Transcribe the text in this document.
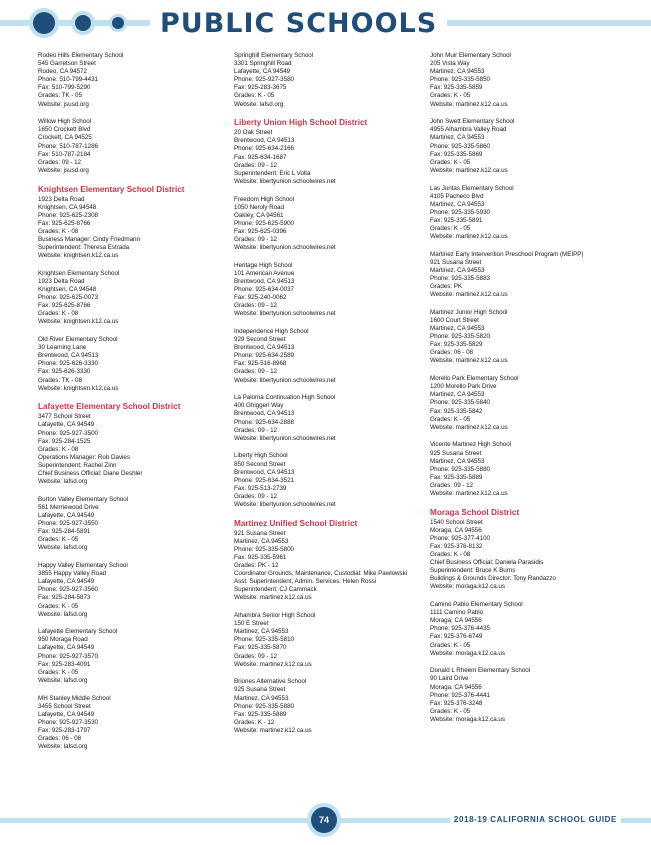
PUBLIC SCHOOLS
Rodeo Hills Elementary School
545 Garretson Street
Rodeo, CA 94572
Phone: 510-799-4431
Fax: 510-799-5290
Grades: TK - 05
Website: jsusd.org
Willow High School
1650 Crockett Blvd
Crockett, CA 94525
Phone: 510-787-1286
Fax: 510-787-2184
Grades: 09 - 12
Website: jsusd.org
Knightsen Elementary School District
1923 Delta Road
Knightsen, CA 94548
Phone: 925-625-2308
Fax: 925-625-8766
Grades: K - 08
Business Manager: Cindy Friedmann
Superintendent: Theresa Estrada
Website: knightsen.k12.ca.us
Knightsen Elementary School
1923 Delta Road
Knightsen, CA 94548
Phone: 925-625-0073
Fax: 925-625-8766
Grades: K - 08
Website: knightsen.k12.ca.us
Old River Elementary School
30 Learning Lane
Brentwood, CA 94513
Phone: 925-626-3330
Fax: 925-626-3330
Grades: TK - 08
Website: knightsen.k12.ca.us
Lafayette Elementary School District
3477 School Street
Lafayette, CA 94549
Phone: 925-927-3500
Fax: 925-284-1525
Grades: K - 08
Operations Manager: Rob Davies
Superintendent: Rachel Zinn
Chief Business Official: Diane Deshler
Website: lafsd.org
Burton Valley Elementary School
561 Merriewood Drive
Lafayette, CA 94549
Phone: 925-927-3550
Fax: 925-284-5891
Grades: K - 05
Website: lafsd.org
Happy Valley Elementary School
3855 Happy Valley Road
Lafayette, CA 94549
Phone: 925-927-3560
Fax: 925-284-5873
Grades: K - 05
Website: lafsd.org
Lafayette Elementary School
950 Moraga Road
Lafayette, CA 94549
Phone: 925-927-3570
Fax: 925-283-4091
Grades: K - 05
Website: lafsd.org
MH Stanley Middle School
3455 School Street
Lafayette, CA 94549
Phone: 925-927-3530
Fax: 925-283-1797
Grades: 06 - 08
Website: lafsd.org
Springhill Elementary School
3301 Springhill Road
Lafayette, CA 94549
Phone: 925-927-3580
Fax: 925-283-3675
Grades: K - 05
Website: lafsd.org
Liberty Union High School District
20 Oak Street
Brentwood, CA 94513
Phone: 925-634-2166
Fax: 925-634-1687
Grades: 09 - 12
Superintendent: Eric L Volta
Website: libertyunion.schoolwires.net
Freedom High School
1050 Neroly Road
Oakley, CA 94561
Phone: 925-625-5900
Fax: 925-625-0396
Grades: 09 - 12
Website: libertyunion.schoolwires.net
Heritage High School
101 American Avenue
Brentwood, CA 94513
Phone: 925-634-0037
Fax: 925-240-0062
Grades: 09 - 12
Website: libertyunion.schoolwires.net
Independence High School
929 Second Street
Brentwood, CA 94513
Phone: 925-634-2589
Fax: 925-516-8968
Grades: 09 - 12
Website: libertyunion.schoolwires.net
La Paloma Continuation High School
400 Ghiggeri Way
Brentwood, CA 94513
Phone: 925-634-2888
Grades: 09 - 12
Website: libertyunion.schoolwires.net
Liberty High School
850 Second Street
Brentwood, CA 94513
Phone: 925-634-3521
Fax: 925-513-2739
Grades: 09 - 12
Website: libertyunion.schoolwires.net
Martinez Unified School District
921 Susana Street
Martinez, CA 94553
Phone: 925-335-5800
Fax: 925-335-5961
Grades: PK - 12
Coordinator Grounds, Maintenance, Custodial: Mike Pawlowski
Asst. Superintendent, Admin. Services: Helen Rossi
Superintendent: CJ Cammack
Website: martinez.k12.ca.us
Alhambra Senior High School
150 E Street
Martinez, CA 94553
Phone: 925-335-5810
Fax: 925-335-5870
Grades: 09 - 12
Website: martinez.k12.ca.us
Briones Alternative School
925 Susana Street
Martinez, CA 94553
Phone: 925-335-5880
Fax: 925-335-5889
Grades: K - 12
Website: martinez.k12.ca.us
John Muir Elementary School
205 Vista Way
Martinez, CA 94553
Phone: 925-335-5850
Fax: 925-335-5859
Grades: K - 05
Website: martinez.k12.ca.us
John Swett Elementary School
4955 Alhambra Valley Road
Martinez, CA 94553
Phone: 925-335-5860
Fax: 925-335-5869
Grades: K - 05
Website: martinez.k12.ca.us
Las Juntas Elementary School
4105 Pacheco Blvd
Martinez, CA 94553
Phone: 925-335-5930
Fax: 925-335-5891
Grades: K - 05
Website: martinez.k12.ca.us
Martinez Early Intervention Preschool Program (MEIPP)
921 Susana Street
Martinez, CA 94553
Phone: 925-335-5883
Grades: PK
Website: martinez.k12.ca.us
Martinez Junior High School
1600 Court Street
Martinez, CA 94553
Phone: 925-335-5820
Fax: 925-335-5829
Grades: 06 - 08
Website: martinez.k12.ca.us
Morello Park Elementary School
1200 Morello Park Drive
Martinez, CA 94553
Phone: 925-335-5840
Fax: 925-335-5842
Grades: K - 05
Website: martinez.k12.ca.us
Vicente Martinez High School
925 Susana Street
Martinez, CA 94553
Phone: 925-335-5880
Fax: 925-335-5889
Grades: 09 - 12
Website: martinez.k12.ca.us
Moraga School District
1540 School Street
Moraga, CA 94556
Phone: 925-377-4100
Fax: 925-376-8132
Grades: K - 08
Chief Business Official: Daniela Parasidis
Superintendent: Bruce K Burns
Buildings & Grounds Director: Tony Randazzo
Website: moraga.k12.ca.us
Camino Pablo Elementary School
1111 Camino Pablo
Moraga, CA 94556
Phone: 925-376-4435
Fax: 925-376-6749
Grades: K - 05
Website: moraga.k12.ca.us
Donald L Rheem Elementary School
90 Laird Drive
Moraga, CA 94556
Phone: 925-376-4441
Fax: 925-376-3248
Grades: K - 05
Website: moraga.k12.ca.us
74	2018-19 CALIFORNIA SCHOOL GUIDE
